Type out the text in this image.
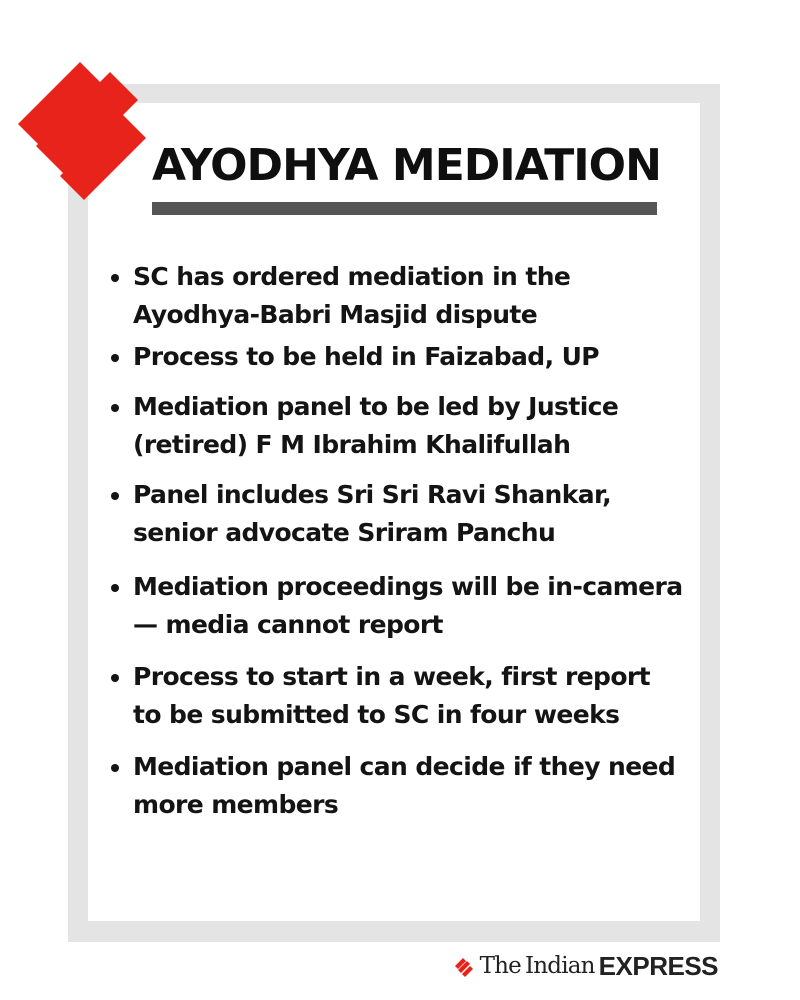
AYODHYA MEDIATION
SC has ordered mediation in the Ayodhya-Babri Masjid dispute
Process to be held in Faizabad, UP
Mediation panel to be led by Justice (retired) F M Ibrahim Khalifullah
Panel includes Sri Sri Ravi Shankar, senior advocate Sriram Panchu
Mediation proceedings will be in-camera — media cannot report
Process to start in a week, first report to be submitted to SC in four weeks
Mediation panel can decide if they need more members
The Indian EXPRESS
